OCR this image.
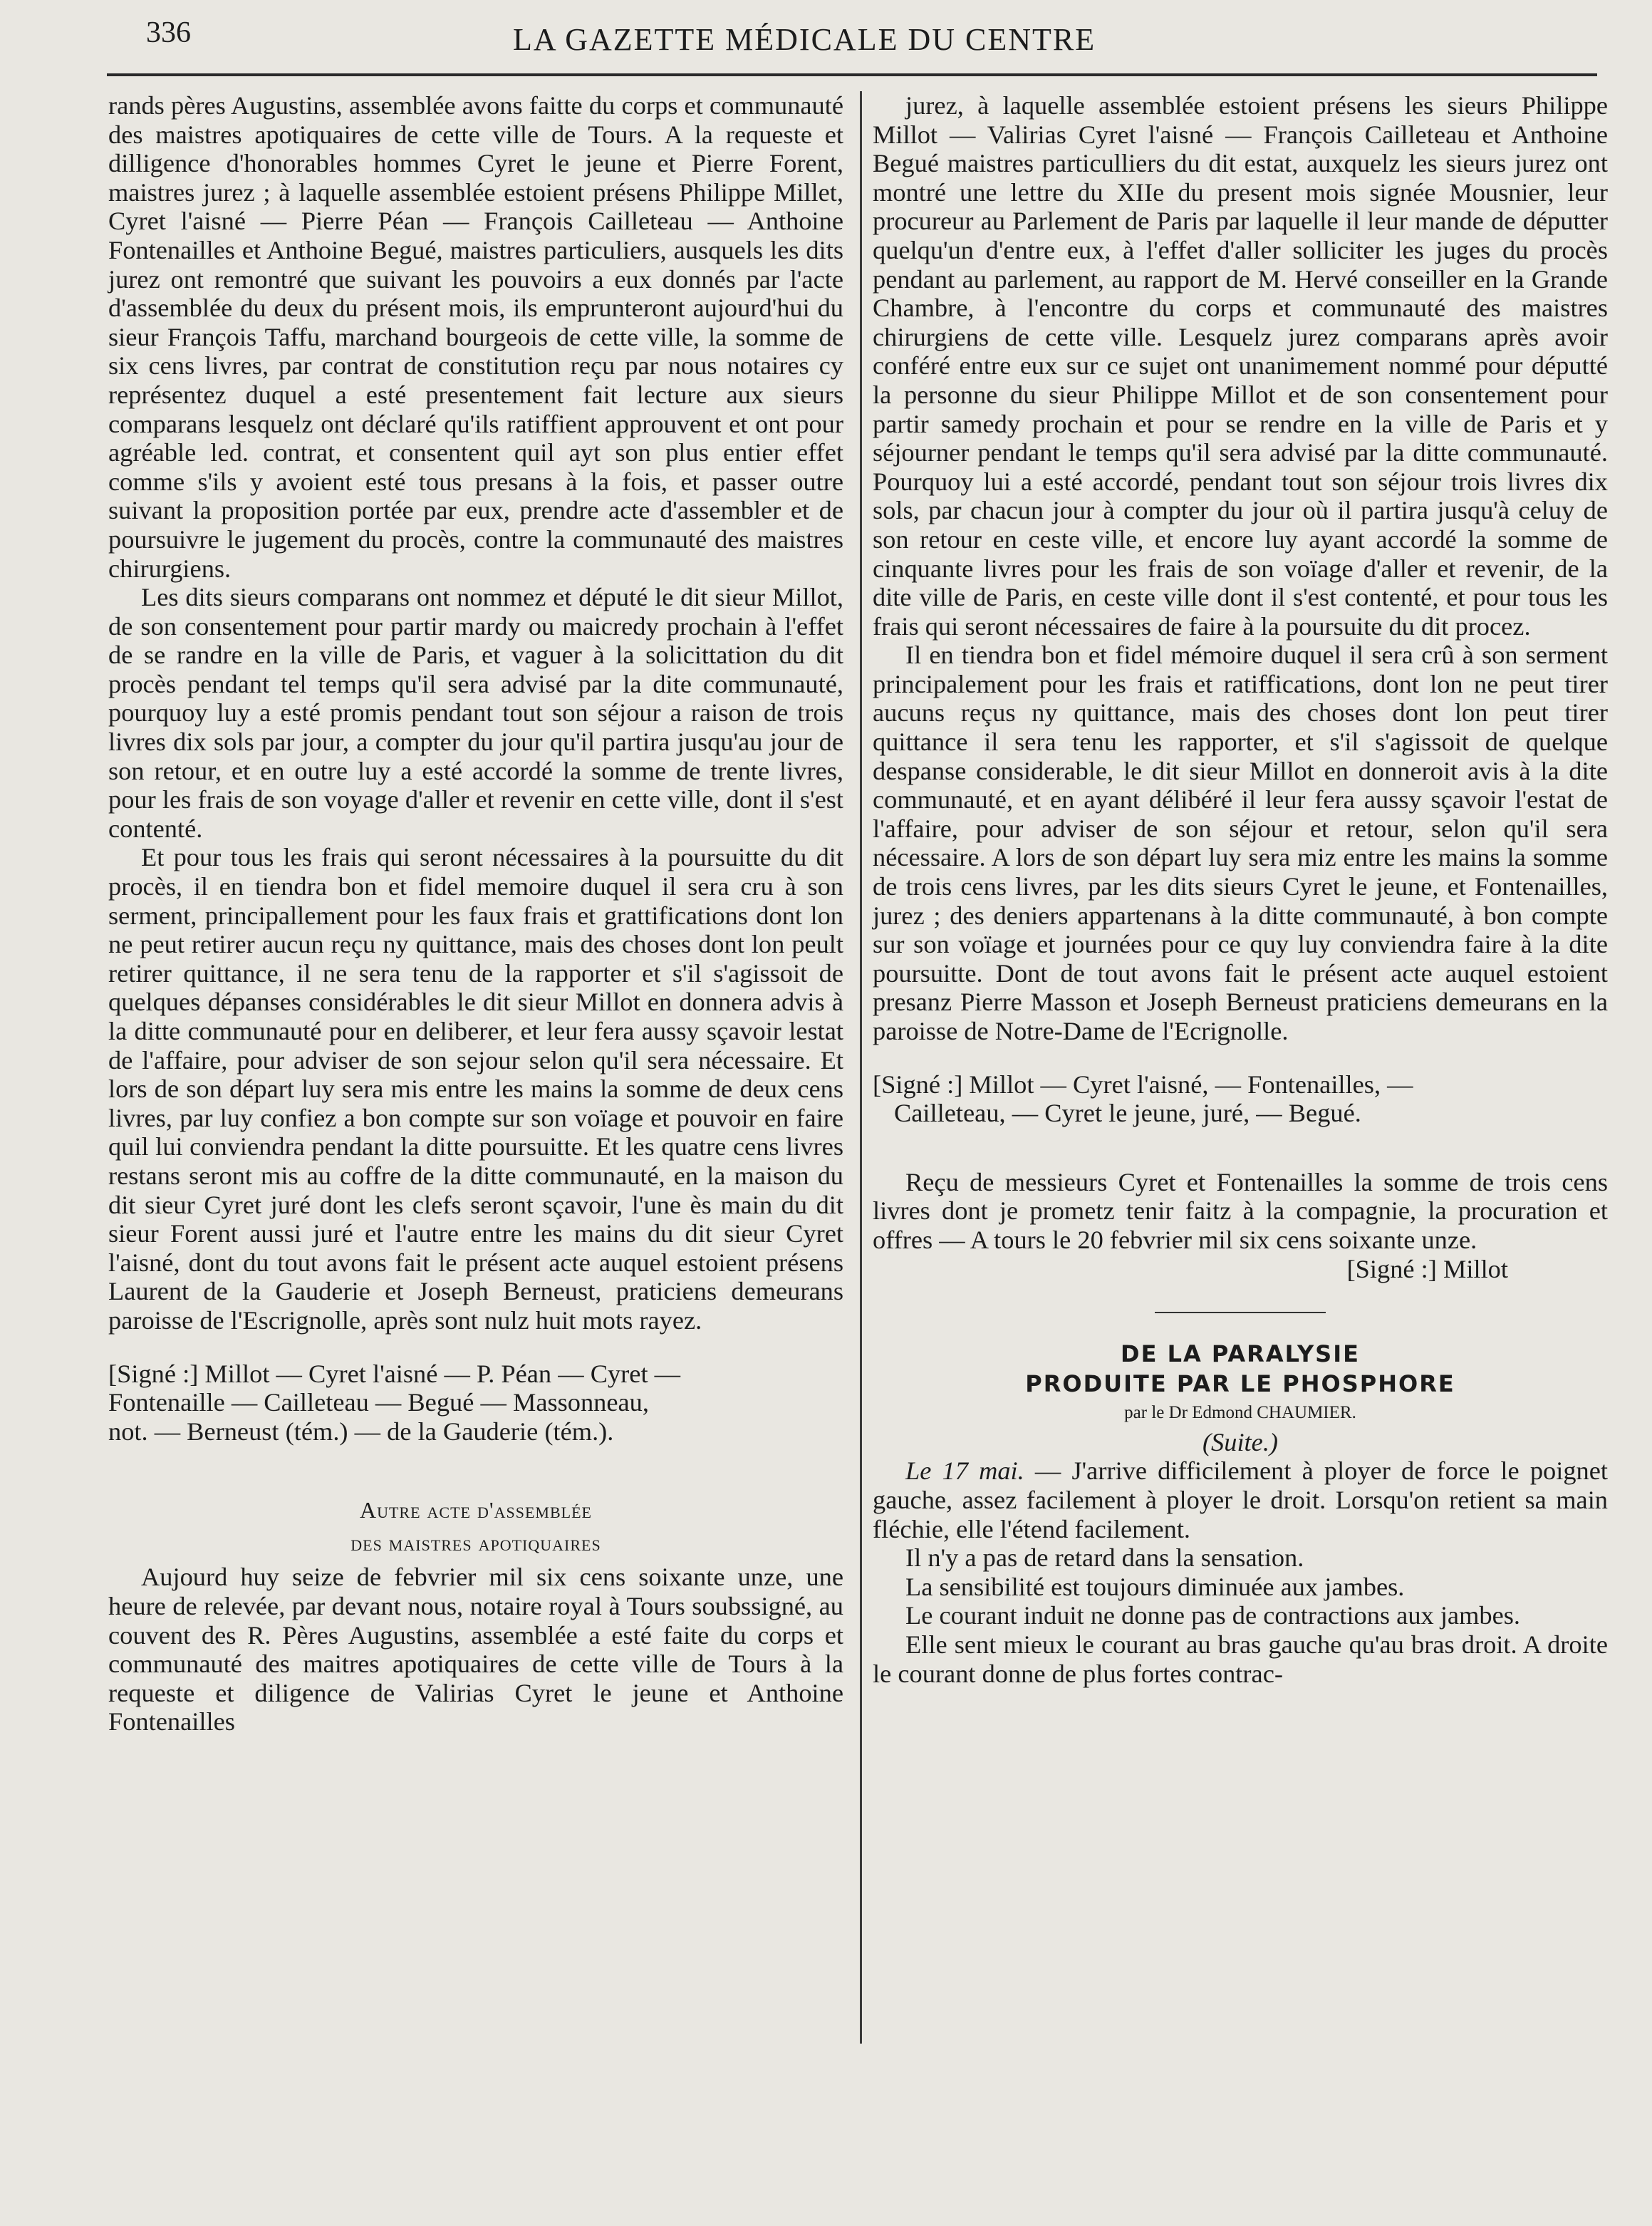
336	LA GAZETTE MÉDICALE DU CENTRE

rands pères Augustins, assemblée avons faitte du corps et communauté des maistres apotiquaires de cette ville de Tours. A la requeste et dilligence d'honorables hommes Cyret le jeune et Pierre Forent, maistres jurez ; à laquelle assemblée estoient présens Philippe Millet, Cyret l'aisné — Pierre Péan — François Cailleteau — Anthoine Fontenailles et Anthoine Begué, maistres particuliers, ausquels les dits jurez ont remontré que suivant les pouvoirs a eux donnés par l'acte d'assemblée du deux du présent mois, ils emprunteront aujourd'hui du sieur François Taffu, marchand bourgeois de cette ville, la somme de six cens livres, par contrat de constitution reçu par nous notaires cy représentez duquel a esté presentement fait lecture aux sieurs comparans lesquelz ont déclaré qu'ils ratiffient approuvent et ont pour agréable led. contrat, et consentent quil ayt son plus entier effet comme s'ils y avoient esté tous presans à la fois, et passer outre suivant la proposition portée par eux, prendre acte d'assembler et de poursuivre le jugement du procès, contre la communauté des maistres chirurgiens.

Les dits sieurs comparans ont nommez et député le dit sieur Millot, de son consentement pour partir mardy ou maicredy prochain à l'effet de se randre en la ville de Paris, et vaguer à la solicittation du dit procès pendant tel temps qu'il sera advisé par la dite communauté, pourquoy luy a esté promis pendant tout son séjour a raison de trois livres dix sols par jour, a compter du jour qu'il partira jusqu'au jour de son retour, et en outre luy a esté accordé la somme de trente livres, pour les frais de son voyage d'aller et revenir en cette ville, dont il s'est contenté.

Et pour tous les frais qui seront nécessaires à la poursuitte du dit procès, il en tiendra bon et fidel memoire duquel il sera cru à son serment, principallement pour les faux frais et grattifications dont lon ne peut retirer aucun reçu ny quittance, mais des choses dont lon peult retirer quittance, il ne sera tenu de la rapporter et s'il s'agissoit de quelques dépanses considérables le dit sieur Millot en donnera advis à la ditte communauté pour en deliberer, et leur fera aussy sçavoir lestat de l'affaire, pour adviser de son sejour selon qu'il sera nécessaire. Et lors de son départ luy sera mis entre les mains la somme de deux cens livres, par luy confiez a bon compte sur son voïage et pouvoir en faire quil lui conviendra pendant la ditte poursuitte. Et les quatre cens livres restans seront mis au coffre de la ditte communauté, en la maison du dit sieur Cyret juré dont les clefs seront sçavoir, l'une ès main du dit sieur Forent aussi juré et l'autre entre les mains du dit sieur Cyret l'aisné, dont du tout avons fait le présent acte auquel estoient présens Laurent de la Gauderie et Joseph Berneust, praticiens demeurans paroisse de l'Escrignolle, après sont nulz huit mots rayez.

[Signé :] Millot — Cyret l'aisné — P. Péan — Cyret —

Fontenaille — Cailleteau — Begué — Massonneau,

not. — Berneust (tém.) — de la Gauderie (tém.).

Autre acte d'assemblée

des maistres apotiquaires

Aujourd huy seize de febvrier mil six cens soixante unze, une heure de relevée, par devant nous, notaire royal à Tours soubssigné, au couvent des R. Pères Augustins, assemblée a esté faite du corps et communauté des maitres apotiquaires de cette ville de Tours à la requeste et diligence de Valirias Cyret le jeune et Anthoine Fontenailles

jurez, à laquelle assemblée estoient présens les sieurs Philippe Millot — Valirias Cyret l'aisné — François Cailleteau et Anthoine Begué maistres particulliers du dit estat, auxquelz les sieurs jurez ont montré une lettre du XIIe du present mois signée Mousnier, leur procureur au Parlement de Paris par laquelle il leur mande de députter quelqu'un d'entre eux, à l'effet d'aller solliciter les juges du procès pendant au parlement, au rapport de M. Hervé conseiller en la Grande Chambre, à l'encontre du corps et communauté des maistres chirurgiens de cette ville. Lesquelz jurez comparans après avoir conféré entre eux sur ce sujet ont unanimement nommé pour députté la personne du sieur Philippe Millot et de son consentement pour partir samedy prochain et pour se rendre en la ville de Paris et y séjourner pendant le temps qu'il sera advisé par la ditte communauté. Pourquoy lui a esté accordé, pendant tout son séjour trois livres dix sols, par chacun jour à compter du jour où il partira jusqu'à celuy de son retour en ceste ville, et encore luy ayant accordé la somme de cinquante livres pour les frais de son voïage d'aller et revenir, de la dite ville de Paris, en ceste ville dont il s'est contenté, et pour tous les frais qui seront nécessaires de faire à la poursuite du dit procez.

Il en tiendra bon et fidel mémoire duquel il sera crû à son serment principalement pour les frais et ratiffications, dont lon ne peut tirer aucuns reçus ny quittance, mais des choses dont lon peut tirer quittance il sera tenu les rapporter, et s'il s'agissoit de quelque despanse considerable, le dit sieur Millot en donneroit avis à la dite communauté, et en ayant délibéré il leur fera aussy sçavoir l'estat de l'affaire, pour adviser de son séjour et retour, selon qu'il sera nécessaire. A lors de son départ luy sera miz entre les mains la somme de trois cens livres, par les dits sieurs Cyret le jeune, et Fontenailles, jurez ; des deniers appartenans à la ditte communauté, à bon compte sur son voïage et journées pour ce quy luy conviendra faire à la dite poursuitte. Dont de tout avons fait le présent acte auquel estoient presanz Pierre Masson et Joseph Berneust praticiens demeurans en la paroisse de Notre-Dame de l'Ecrignolle.

[Signé :] Millot — Cyret l'aisné, — Fontenailles, —

Cailleteau, — Cyret le jeune, juré, — Begué.

Reçu de messieurs Cyret et Fontenailles la somme de trois cens livres dont je prometz tenir faitz à la compagnie, la procuration et offres — A tours le 20 febvrier mil six cens soixante unze.

[Signé :] Millot

DE LA PARALYSIE

PRODUITE PAR LE PHOSPHORE

par le Dr Edmond CHAUMIER.

(Suite.)

Le 17 mai. — J'arrive difficilement à ployer de force le poignet gauche, assez facilement à ployer le droit. Lorsqu'on retient sa main fléchie, elle l'étend facilement.

Il n'y a pas de retard dans la sensation.

La sensibilité est toujours diminuée aux jambes.

Le courant induit ne donne pas de contractions aux jambes.

Elle sent mieux le courant au bras gauche qu'au bras droit. A droite le courant donne de plus fortes contrac-
